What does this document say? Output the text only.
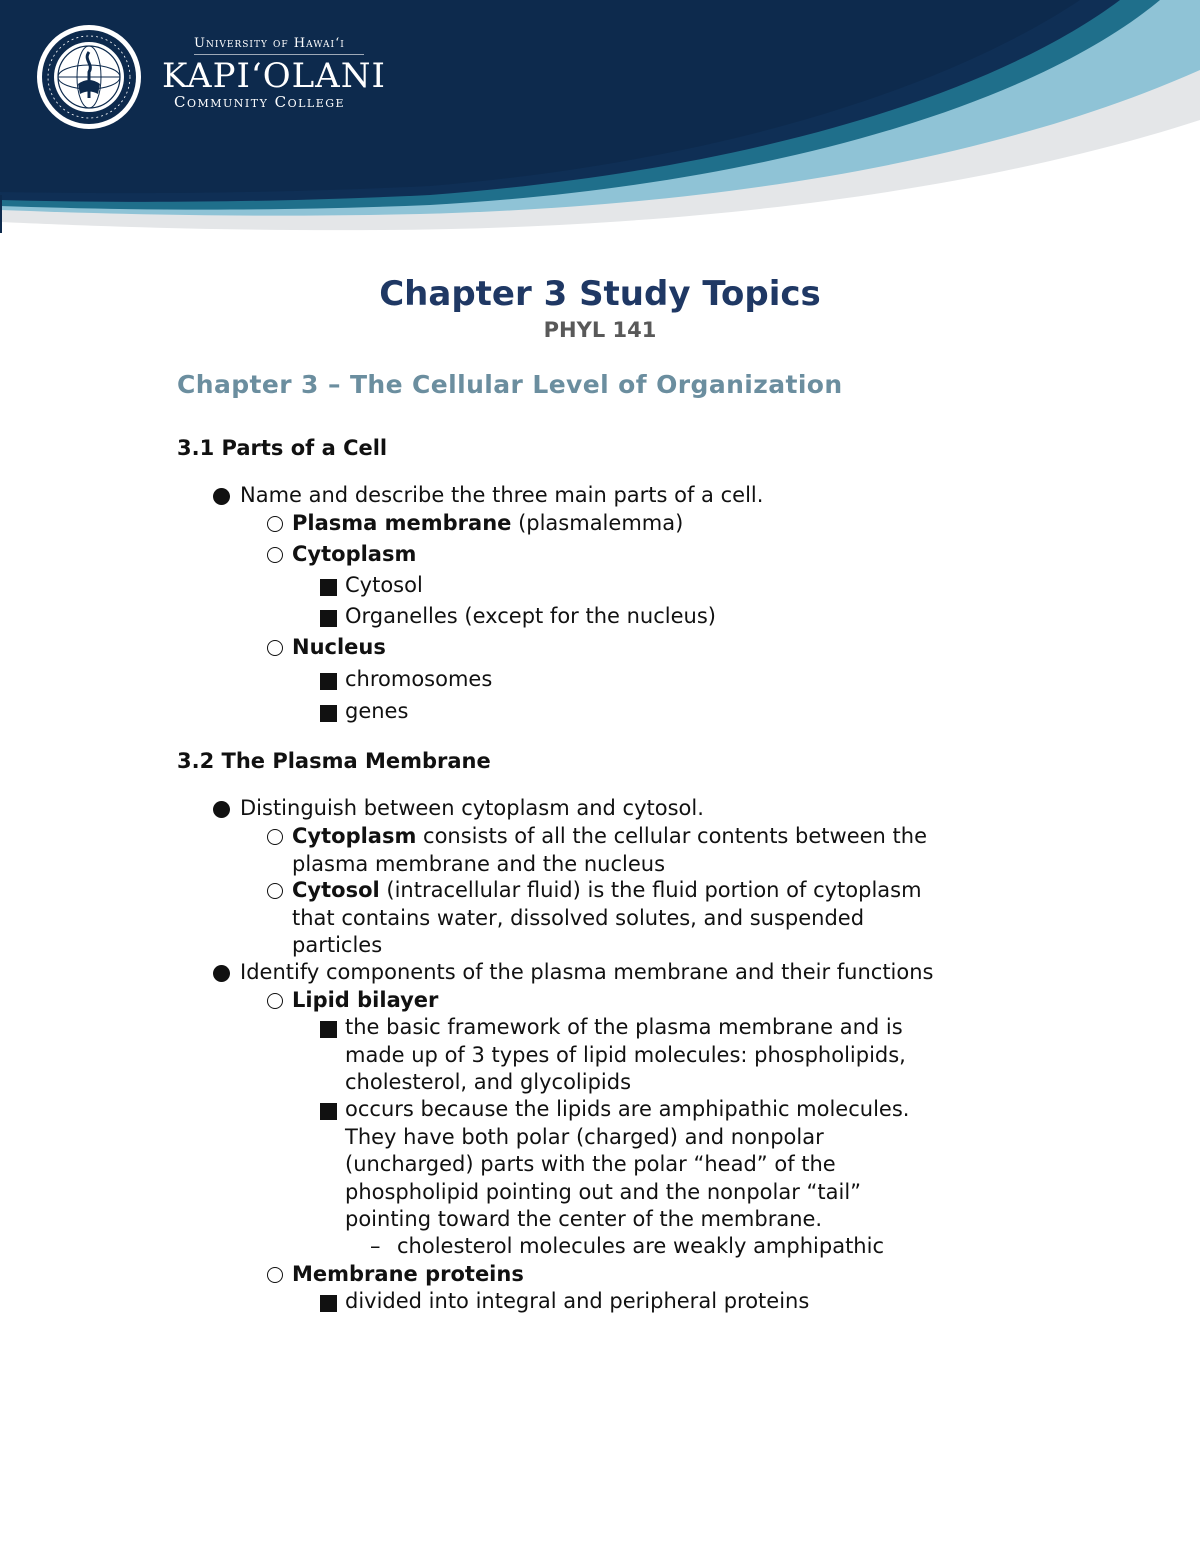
University of Hawai‘i
KAPI‘OLANI
Community College
Chapter 3 Study Topics
PHYL 141
Chapter 3 – The Cellular Level of Organization
3.1 Parts of a Cell
Name and describe the three main parts of a cell.
Plasma membrane (plasmalemma)
Cytoplasm
Cytosol
Organelles (except for the nucleus)
Nucleus
chromosomes
genes
3.2 The Plasma Membrane
Distinguish between cytoplasm and cytosol.
Cytoplasm consists of all the cellular contents between the
plasma membrane and the nucleus
Cytosol (intracellular fluid) is the fluid portion of cytoplasm
that contains water, dissolved solutes, and suspended
particles
Identify components of the plasma membrane and their functions
Lipid bilayer
the basic framework of the plasma membrane and is
made up of 3 types of lipid molecules: phospholipids,
cholesterol, and glycolipids
occurs because the lipids are amphipathic molecules.
They have both polar (charged) and nonpolar
(uncharged) parts with the polar “head” of the
phospholipid pointing out and the nonpolar “tail”
pointing toward the center of the membrane.
– cholesterol molecules are weakly amphipathic
Membrane proteins
divided into integral and peripheral proteins
